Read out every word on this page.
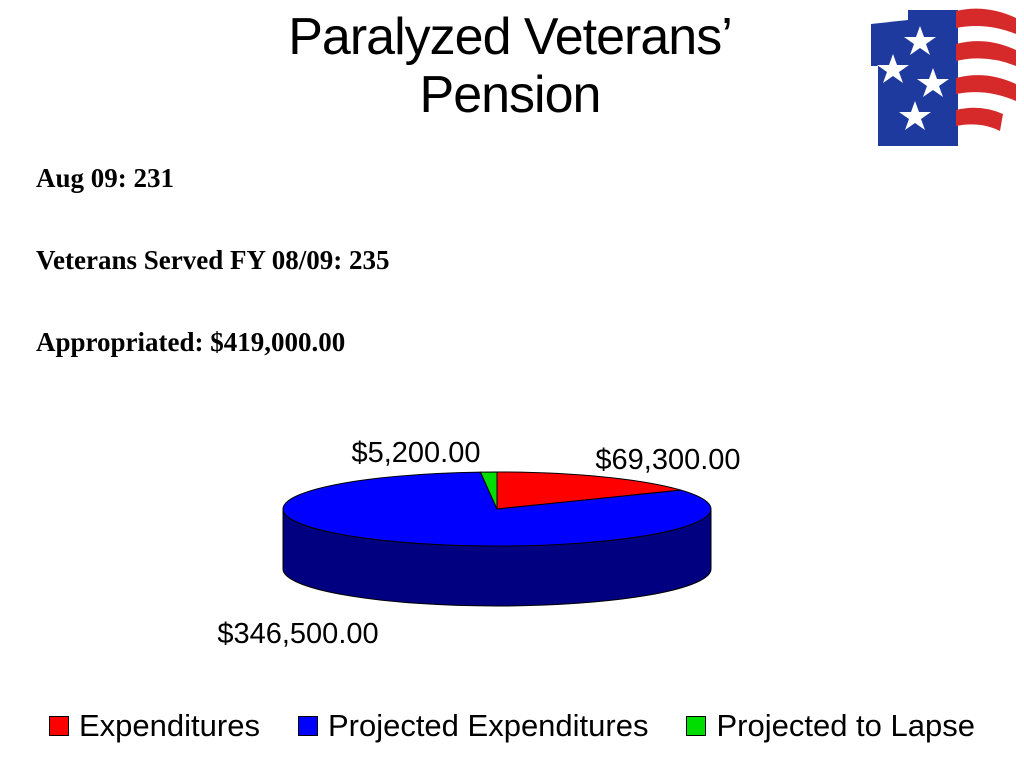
Paralyzed Veterans’
Pension
Aug 09: 231
Veterans Served FY 08/09: 235
Appropriated: $419,000.00
$69,300.00
$346,500.00
$5,200.00
Expenditures Projected Expenditures Projected to Lapse
